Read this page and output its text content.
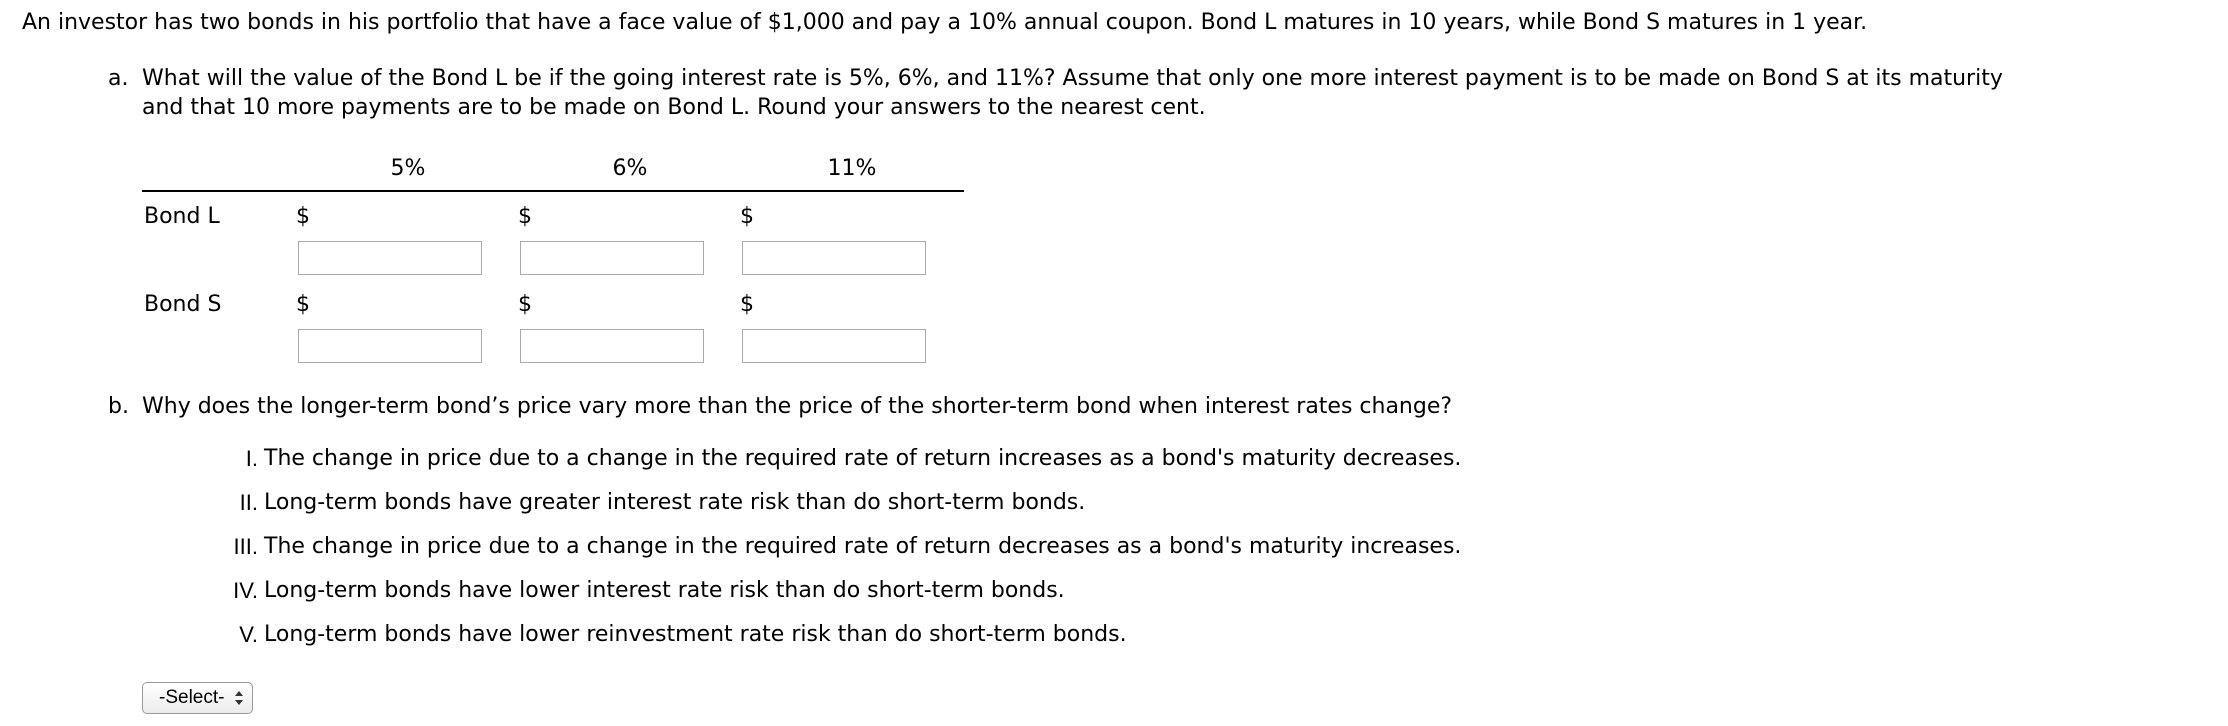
An investor has two bonds in his portfolio that have a face value of $1,000 and pay a 10% annual coupon. Bond L matures in 10 years, while Bond S matures in 1 year.
a. What will the value of the Bond L be if the going interest rate is 5%, 6%, and 11%? Assume that only one more interest payment is to be made on Bond S at its maturity
and that 10 more payments are to be made on Bond L. Round your answers to the nearest cent.
5%	6%	11%
Bond L	$	$	$
Bond S	$	$	$
b. Why does the longer-term bond’s price vary more than the price of the shorter-term bond when interest rates change?
I. The change in price due to a change in the required rate of return increases as a bond's maturity decreases.
II. Long-term bonds have greater interest rate risk than do short-term bonds.
III. The change in price due to a change in the required rate of return decreases as a bond's maturity increases.
IV. Long-term bonds have lower interest rate risk than do short-term bonds.
V. Long-term bonds have lower reinvestment rate risk than do short-term bonds.
-Select-
